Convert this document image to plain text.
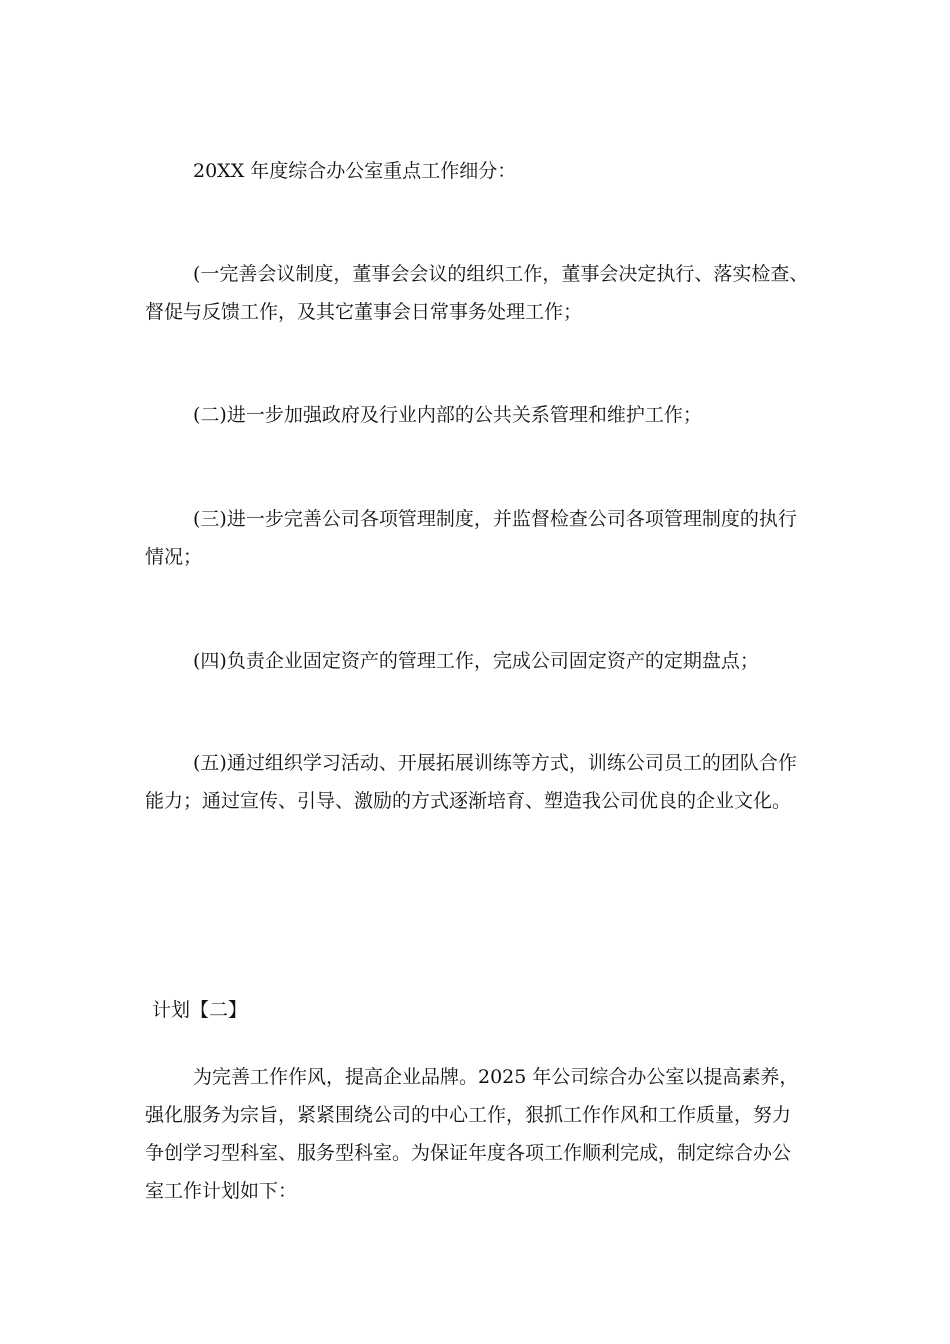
20XX 年度综合办公室重点工作细分：
(一完善会议制度，董事会会议的组织工作，董事会决定执行、落实检查、
督促与反馈工作，及其它董事会日常事务处理工作；
(二)进一步加强政府及行业内部的公共关系管理和维护工作；
(三)进一步完善公司各项管理制度，并监督检查公司各项管理制度的执行
情况；
(四)负责企业固定资产的管理工作，完成公司固定资产的定期盘点；
(五)通过组织学习活动、开展拓展训练等方式，训练公司员工的团队合作
能力；通过宣传、引导、激励的方式逐渐培育、塑造我公司优良的企业文化。
计划【二】
为完善工作作风，提高企业品牌。2025 年公司综合办公室以提高素养，
强化服务为宗旨，紧紧围绕公司的中心工作，狠抓工作作风和工作质量，努力
争创学习型科室、服务型科室。为保证年度各项工作顺利完成，制定综合办公
室工作计划如下：
